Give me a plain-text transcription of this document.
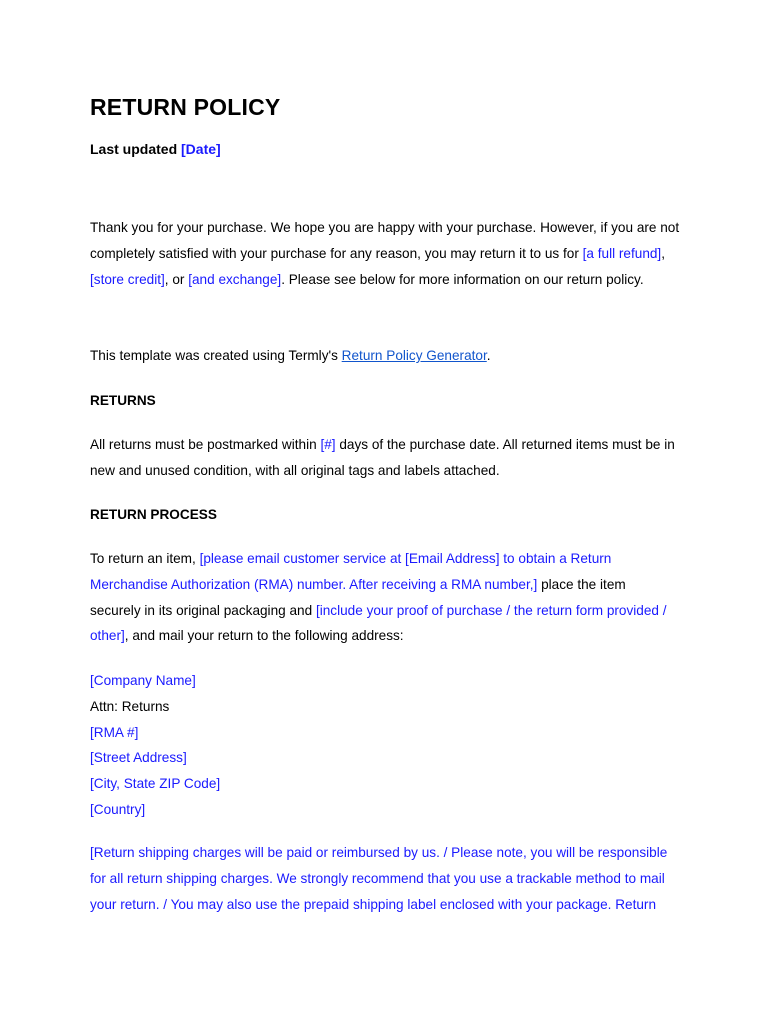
RETURN POLICY

Last updated [Date]

Thank you for your purchase. We hope you are happy with your purchase. However, if you are not completely satisfied with your purchase for any reason, you may return it to us for [a full refund], [store credit], or [and exchange]. Please see below for more information on our return policy.

This template was created using Termly's Return Policy Generator.

RETURNS

All returns must be postmarked within [#] days of the purchase date. All returned items must be in new and unused condition, with all original tags and labels attached.

RETURN PROCESS

To return an item, [please email customer service at [Email Address] to obtain a Return Merchandise Authorization (RMA) number. After receiving a RMA number,] place the item securely in its original packaging and [include your proof of purchase / the return form provided / other], and mail your return to the following address:

[Company Name]
Attn: Returns
[RMA #]
[Street Address]
[City, State ZIP Code]
[Country]

[Return shipping charges will be paid or reimbursed by us. / Please note, you will be responsible for all return shipping charges. We strongly recommend that you use a trackable method to mail your return. / You may also use the prepaid shipping label enclosed with your package. Return
